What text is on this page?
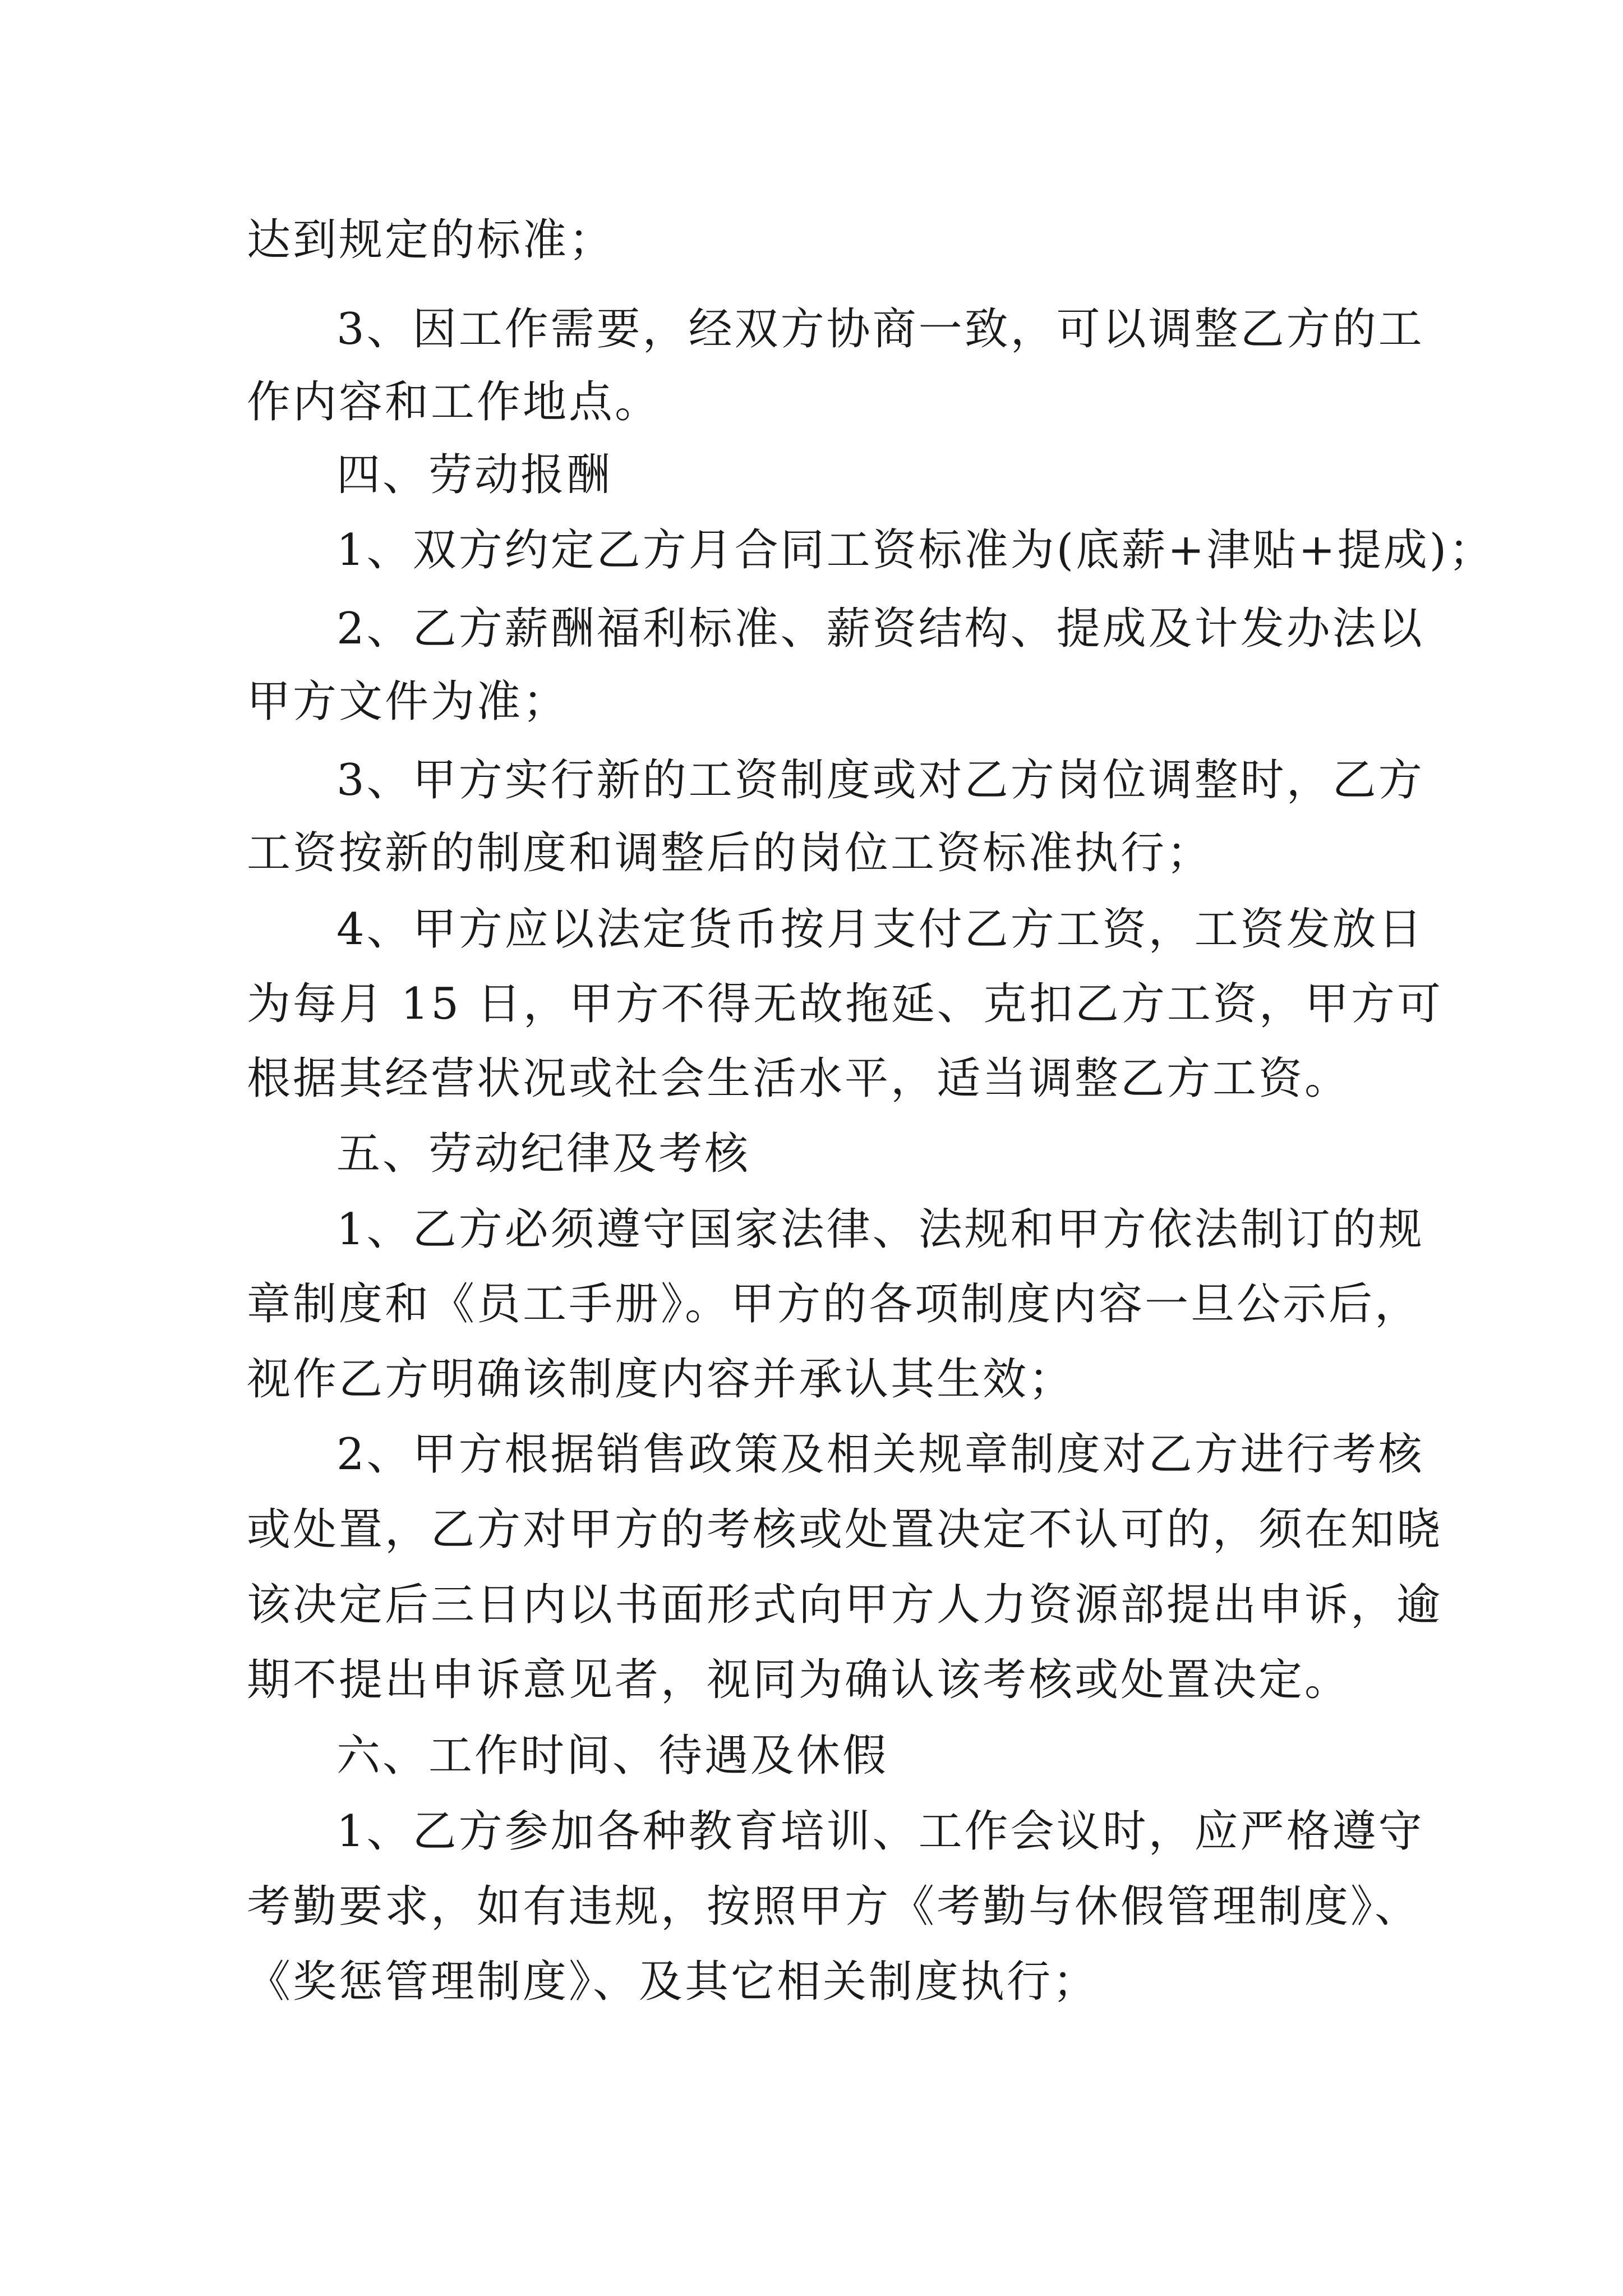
达到规定的标准；
3、因工作需要，经双方协商一致，可以调整乙方的工
作内容和工作地点。
四、劳动报酬
1、双方约定乙方月合同工资标准为(底薪+津贴+提成)；
2、乙方薪酬福利标准、薪资结构、提成及计发办法以
甲方文件为准；
3、甲方实行新的工资制度或对乙方岗位调整时，乙方
工资按新的制度和调整后的岗位工资标准执行；
4、甲方应以法定货币按月支付乙方工资，工资发放日
为每月 15 日，甲方不得无故拖延、克扣乙方工资，甲方可
根据其经营状况或社会生活水平，适当调整乙方工资。
五、劳动纪律及考核
1、乙方必须遵守国家法律、法规和甲方依法制订的规
章制度和《员工手册》。甲方的各项制度内容一旦公示后，
视作乙方明确该制度内容并承认其生效；
2、甲方根据销售政策及相关规章制度对乙方进行考核
或处置，乙方对甲方的考核或处置决定不认可的，须在知晓
该决定后三日内以书面形式向甲方人力资源部提出申诉，逾
期不提出申诉意见者，视同为确认该考核或处置决定。
六、工作时间、待遇及休假
1、乙方参加各种教育培训、工作会议时，应严格遵守
考勤要求，如有违规，按照甲方《考勤与休假管理制度》、
《奖惩管理制度》、及其它相关制度执行；
